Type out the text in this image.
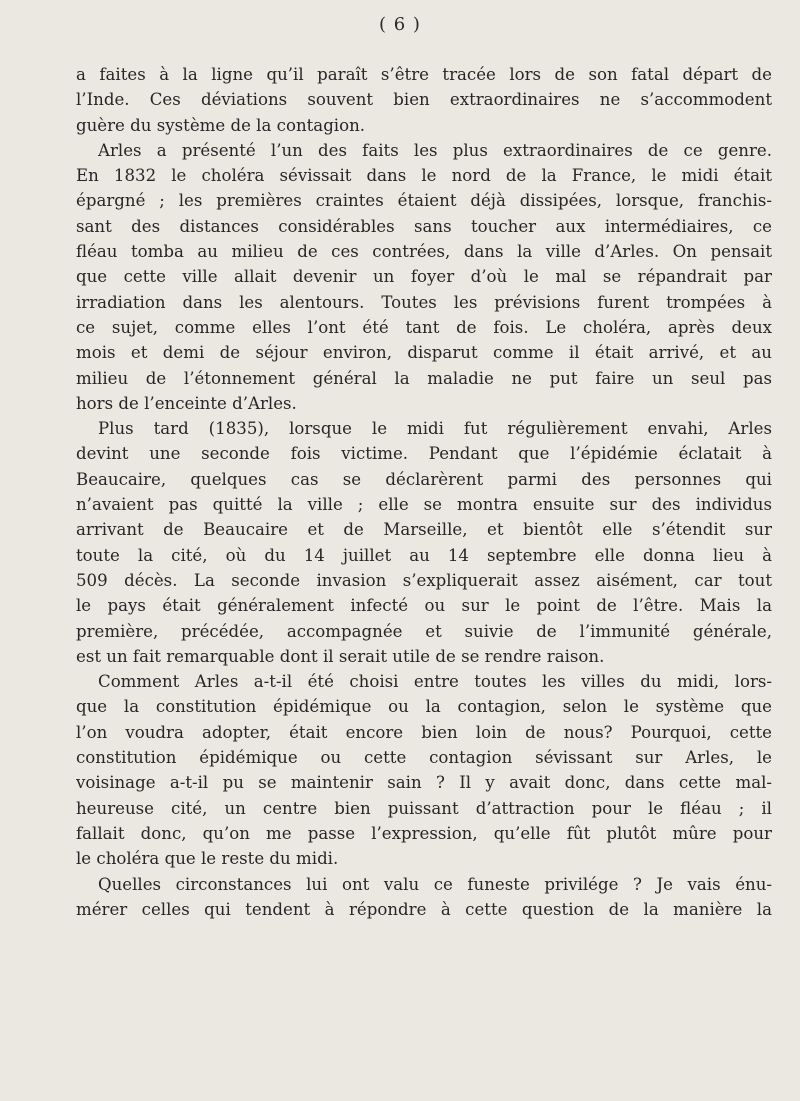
( 6 )
a faites à la ligne qu’il paraît s’être tracée lors de son fatal départ de
l’Inde. Ces déviations souvent bien extraordinaires ne s’accommodent
guère du système de la contagion.
Arles a présenté l’un des faits les plus extraordinaires de ce genre.
En 1832 le choléra sévissait dans le nord de la France, le midi était
épargné ; les premières craintes étaient déjà dissipées, lorsque, franchis-
sant des distances considérables sans toucher aux intermédiaires, ce
fléau tomba au milieu de ces contrées, dans la ville d’Arles. On pensait
que cette ville allait devenir un foyer d’où le mal se répandrait par
irradiation dans les alentours. Toutes les prévisions furent trompées à
ce sujet, comme elles l’ont été tant de fois. Le choléra, après deux
mois et demi de séjour environ, disparut comme il était arrivé, et au
milieu de l’étonnement général la maladie ne put faire un seul pas
hors de l’enceinte d’Arles.
Plus tard (1835), lorsque le midi fut régulièrement envahi, Arles
devint une seconde fois victime. Pendant que l’épidémie éclatait à
Beaucaire, quelques cas se déclarèrent parmi des personnes qui
n’avaient pas quitté la ville ; elle se montra ensuite sur des individus
arrivant de Beaucaire et de Marseille, et bientôt elle s’étendit sur
toute la cité, où du 14 juillet au 14 septembre elle donna lieu à
509 décès. La seconde invasion s’expliquerait assez aisément, car tout
le pays était généralement infecté ou sur le point de l’être. Mais la
première, précédée, accompagnée et suivie de l’immunité générale,
est un fait remarquable dont il serait utile de se rendre raison.
Comment Arles a-t-il été choisi entre toutes les villes du midi, lors-
que la constitution épidémique ou la contagion, selon le système que
l’on voudra adopter, était encore bien loin de nous? Pourquoi, cette
constitution épidémique ou cette contagion sévissant sur Arles, le
voisinage a-t-il pu se maintenir sain ? Il y avait donc, dans cette mal-
heureuse cité, un centre bien puissant d’attraction pour le fléau ; il
fallait donc, qu’on me passe l’expression, qu’elle fût plutôt mûre pour
le choléra que le reste du midi.
Quelles circonstances lui ont valu ce funeste privilége ? Je vais énu-
mérer celles qui tendent à répondre à cette question de la manière la
